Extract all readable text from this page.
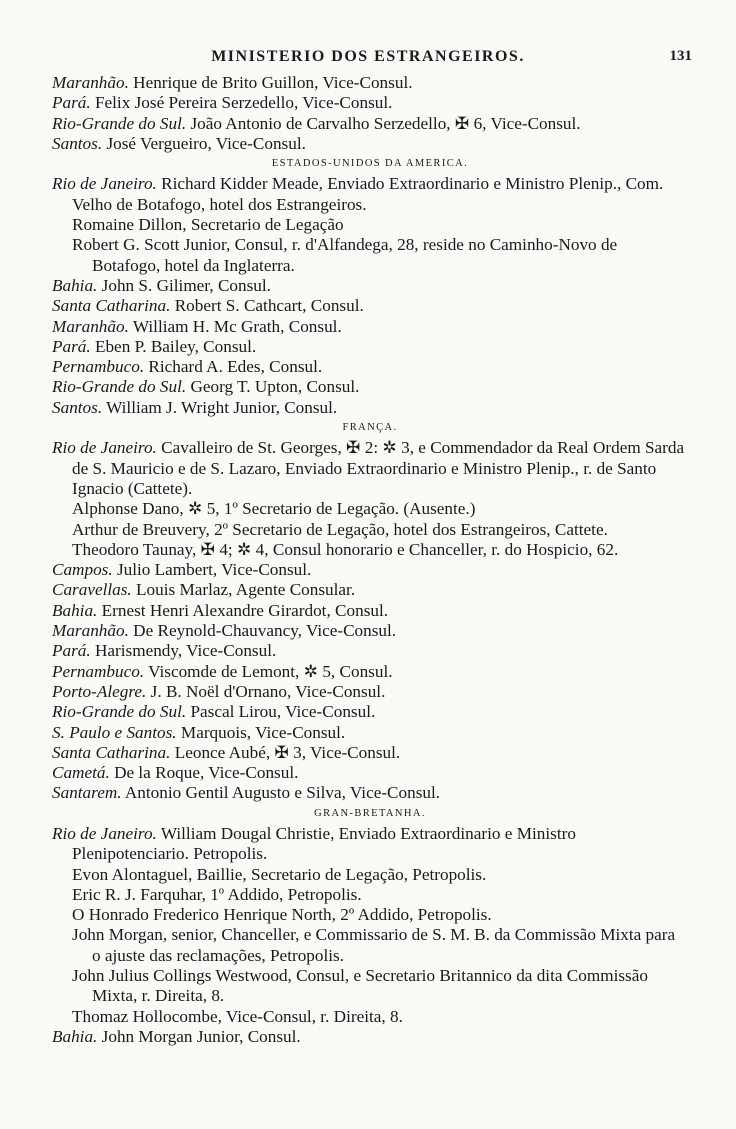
MINISTERIO DOS ESTRANGEIROS.	131

Maranhão. Henrique de Brito Guillon, Vice-Consul.

Pará. Felix José Pereira Serzedello, Vice-Consul.

Rio-Grande do Sul. João Antonio de Carvalho Serzedello, ✠ 6, Vice-Consul.

Santos. José Vergueiro, Vice-Consul.

ESTADOS-UNIDOS DA AMERICA.

Rio de Janeiro. Richard Kidder Meade, Enviado Extraordinario e Ministro Plenip., Com. Velho de Botafogo, hotel dos Estrangeiros.

Romaine Dillon, Secretario de Legação

Robert G. Scott Junior, Consul, r. d'Alfandega, 28, reside no Caminho-Novo de Botafogo, hotel da Inglaterra.

Bahia. John S. Gilimer, Consul.

Santa Catharina. Robert S. Cathcart, Consul.

Maranhão. William H. Mc Grath, Consul.

Pará. Eben P. Bailey, Consul.

Pernambuco. Richard A. Edes, Consul.

Rio-Grande do Sul. Georg T. Upton, Consul.

Santos. William J. Wright Junior, Consul.

FRANÇA.

Rio de Janeiro. Cavalleiro de St. Georges, ✠ 2: ✲ 3, e Commendador da Real Ordem Sarda de S. Mauricio e de S. Lazaro, Enviado Extraordinario e Ministro Plenip., r. de Santo Ignacio (Cattete).

Alphonse Dano, ✲ 5, 1º Secretario de Legação. (Ausente.)

Arthur de Breuvery, 2º Secretario de Legação, hotel dos Estrangeiros, Cattete.

Theodoro Taunay, ✠ 4; ✲ 4, Consul honorario e Chanceller, r. do Hospicio, 62.

Campos. Julio Lambert, Vice-Consul.

Caravellas. Louis Marlaz, Agente Consular.

Bahia. Ernest Henri Alexandre Girardot, Consul.

Maranhão. De Reynold-Chauvancy, Vice-Consul.

Pará. Harismendy, Vice-Consul.

Pernambuco. Viscomde de Lemont, ✲ 5, Consul.

Porto-Alegre. J. B. Noël d'Ornano, Vice-Consul.

Rio-Grande do Sul. Pascal Lirou, Vice-Consul.

S. Paulo e Santos. Marquois, Vice-Consul.

Santa Catharina. Leonce Aubé, ✠ 3, Vice-Consul.

Cametá. De la Roque, Vice-Consul.

Santarem. Antonio Gentil Augusto e Silva, Vice-Consul.

GRAN-BRETANHA.

Rio de Janeiro. William Dougal Christie, Enviado Extraordinario e Ministro Plenipotenciario. Petropolis.

Evon Alontaguel, Baillie, Secretario de Legação, Petropolis.

Eric R. J. Farquhar, 1º Addido, Petropolis.

O Honrado Frederico Henrique North, 2º Addido, Petropolis.

John Morgan, senior, Chanceller, e Commissario de S. M. B. da Commissão Mixta para o ajuste das reclamações, Petropolis.

John Julius Collings Westwood, Consul, e Secretario Britannico da dita Commissão Mixta, r. Direita, 8.

Thomaz Hollocombe, Vice-Consul, r. Direita, 8.

Bahia. John Morgan Junior, Consul.
